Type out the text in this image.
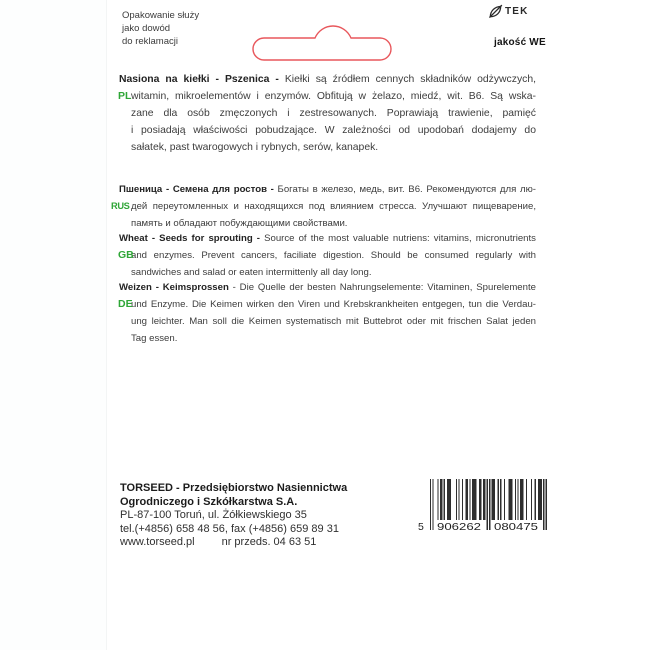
Opakowanie służy
jako dowód
do reklamacji
TEK
jakość WE
PL
Nasiona na kiełki - Pszenica - Kiełki są źródłem cennych składników odżywczych,
witamin, mikroelementów i enzymów. Obfitują w żelazo, miedź, wit. B6. Są wska-
zane dla osób zmęczonych i zestresowanych. Poprawiają trawienie, pamięć
i posiadają właściwości pobudzające. W zależności od upodobań dodajemy do
sałatek, past twarogowych i rybnych, serów, kanapek.
RUS
Пшеница - Семена для ростов - Богаты в железо, медь, вит. В6. Рекомендуются для лю-
дей переутомленных и находящихся под влиянием стресса. Улучшают пищеварение,
память и обладают побуждающими свойствами.
GB
Wheat - Seeds for sprouting - Source of the most valuable nutriens: vitamins, micronutrients
and enzymes. Prevent cancers, faciliate digestion. Should be consumed regularly with
sandwiches and salad or eaten intermittenly all day long.
DE
Weizen - Keimsprossen - Die Quelle der besten Nahrungselemente: Vitaminen, Spurelemente
und Enzyme. Die Keimen wirken den Viren und Krebskrankheiten entgegen, tun die Verdau-
ung leichter. Man soll die Keimen systematisch mit Buttebrot oder mit frischen Salat jeden
Tag essen.
TORSEED - Przedsiębiorstwo Nasiennictwa
Ogrodniczego i Szkółkarstwa S.A.
PL-87-100 Toruń, ul. Żółkiewskiego 35
tel.(+4856) 658 48 56, fax (+4856) 659 89 31
www.torseed.pl nr przeds. 04 63 51
5 906262 080475
